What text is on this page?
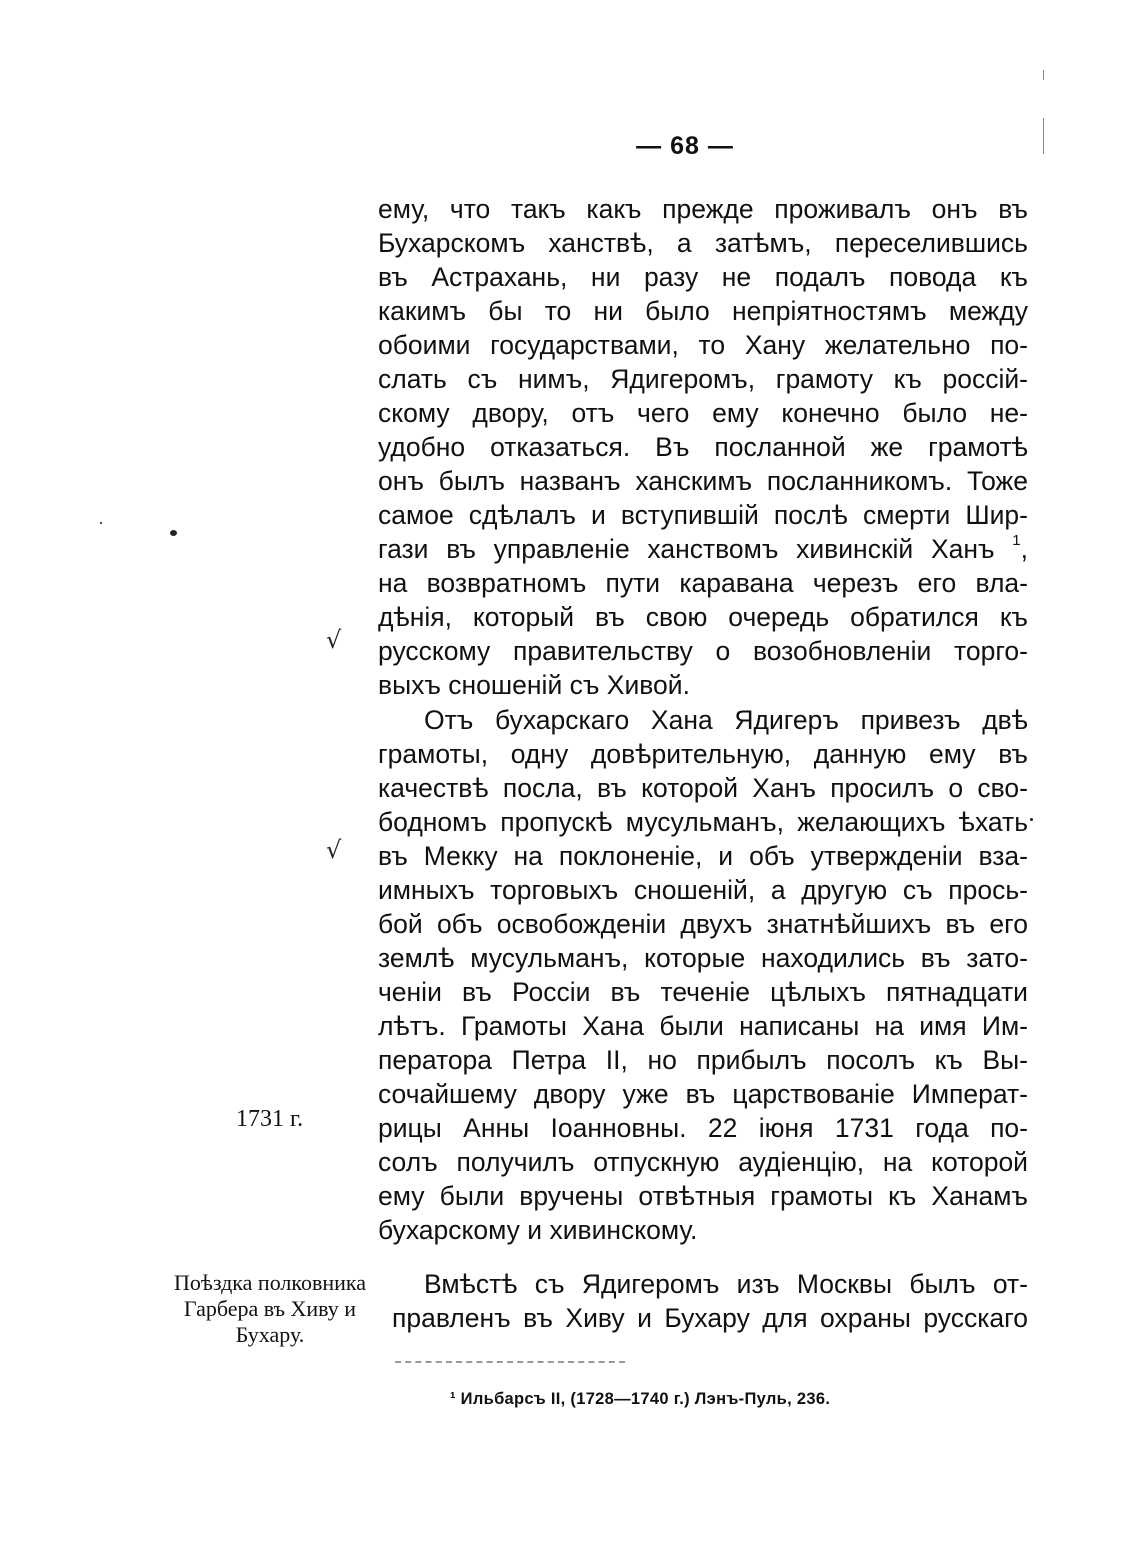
— 68 —
ему, что такъ какъ прежде проживалъ онъ въ
Бухарскомъ ханствѣ, а затѣмъ, переселившись
въ Астрахань, ни разу не подалъ повода къ
какимъ бы то ни было непріятностямъ между
обоими государствами, то Хану желательно по-
слать съ нимъ, Ядигеромъ, грамоту къ россій-
скому двору, отъ чего ему конечно было не-
удобно отказаться. Въ посланной же грамотѣ
онъ былъ названъ ханскимъ посланникомъ. Тоже
самое сдѣлалъ и вступившій послѣ смерти Шир-
гази въ управленіе ханствомъ хивинскій Ханъ $^1$,
на возвратномъ пути каравана черезъ его вла-
дѣнія, который въ свою очередь обратился къ
русскому правительству о возобновленіи торго-
выхъ сношеній съ Хивой.
Отъ бухарскаго Хана Ядигеръ привезъ двѣ
грамоты, одну довѣрительную, данную ему въ
качествѣ посла, въ которой Ханъ просилъ о сво-
бодномъ пропускѣ мусульманъ, желающихъ ѣхать
въ Мекку на поклоненіе, и объ утвержденіи вза-
имныхъ торговыхъ сношеній, а другую съ прось-
бой объ освобожденіи двухъ знатнѣйшихъ въ его
землѣ мусульманъ, которые находились въ зато-
ченіи въ Россіи въ теченіе цѣлыхъ пятнадцати
лѣтъ. Грамоты Хана были написаны на имя Им-
ператора Петра II, но прибылъ посолъ къ Вы-
сочайшему двору уже въ царствованіе Императ-
рицы Анны Іоанновны. 22 іюня 1731 года по-
солъ получилъ отпускную аудіенцію, на которой
ему были вручены отвѣтныя грамоты къ Ханамъ
бухарскому и хивинскому.
Вмѣстѣ съ Ядигеромъ изъ Москвы былъ от-
правленъ въ Хиву и Бухару для охраны русскаго
√
√
1731 г.
Поѣздка полковника
Гарбера въ Хиву и
Бухару.
¹ Ильбарсъ II, (1728—1740 г.) Лэнъ-Пуль, 236.
